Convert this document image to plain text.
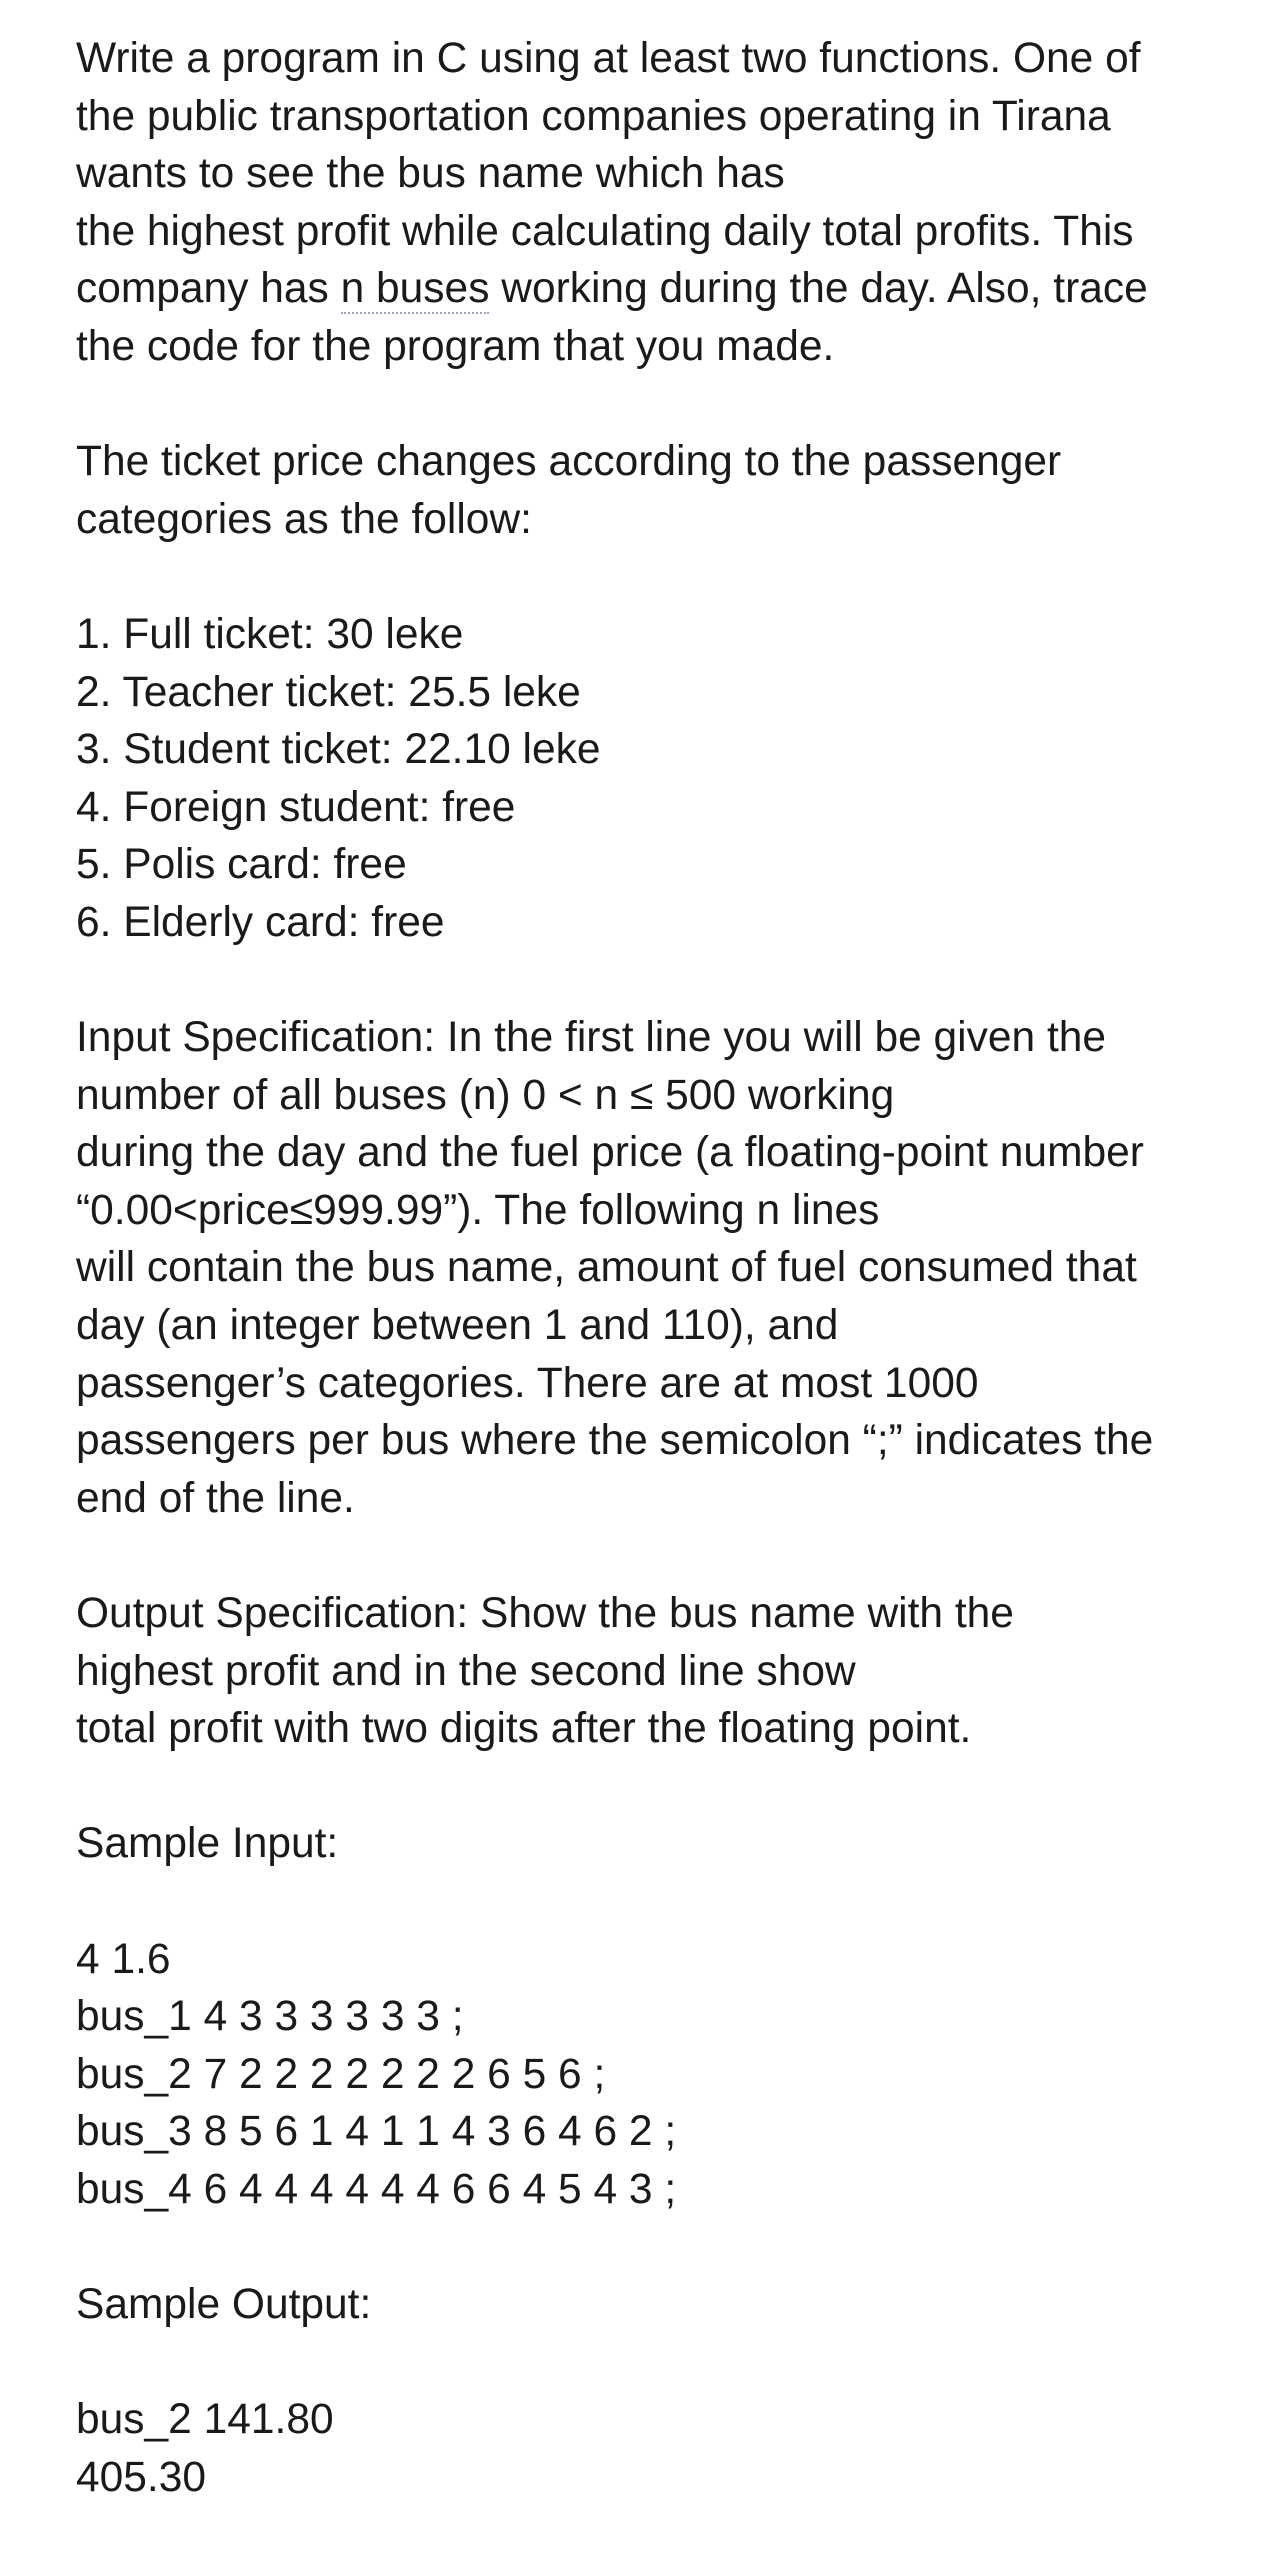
Write a program in C using at least two functions. One of
the public transportation companies operating in Tirana
wants to see the bus name which has
the highest profit while calculating daily total profits. This
company has n buses working during the day. Also, trace
the code for the program that you made.
The ticket price changes according to the passenger
categories as the follow:
1. Full ticket: 30 leke
2. Teacher ticket: 25.5 leke
3. Student ticket: 22.10 leke
4. Foreign student: free
5. Polis card: free
6. Elderly card: free
Input Specification: In the first line you will be given the
number of all buses (n) 0 < n ≤ 500 working
during the day and the fuel price (a floating-point number
“0.00<price≤999.99”). The following n lines
will contain the bus name, amount of fuel consumed that
day (an integer between 1 and 110), and
passenger’s categories. There are at most 1000
passengers per bus where the semicolon “;” indicates the
end of the line.
Output Specification: Show the bus name with the
highest profit and in the second line show
total profit with two digits after the floating point.
Sample Input:
4 1.6
bus_1 4 3 3 3 3 3 3 ;
bus_2 7 2 2 2 2 2 2 2 6 5 6 ;
bus_3 8 5 6 1 4 1 1 4 3 6 4 6 2 ;
bus_4 6 4 4 4 4 4 4 6 6 4 5 4 3 ;
Sample Output:
bus_2 141.80
405.30
